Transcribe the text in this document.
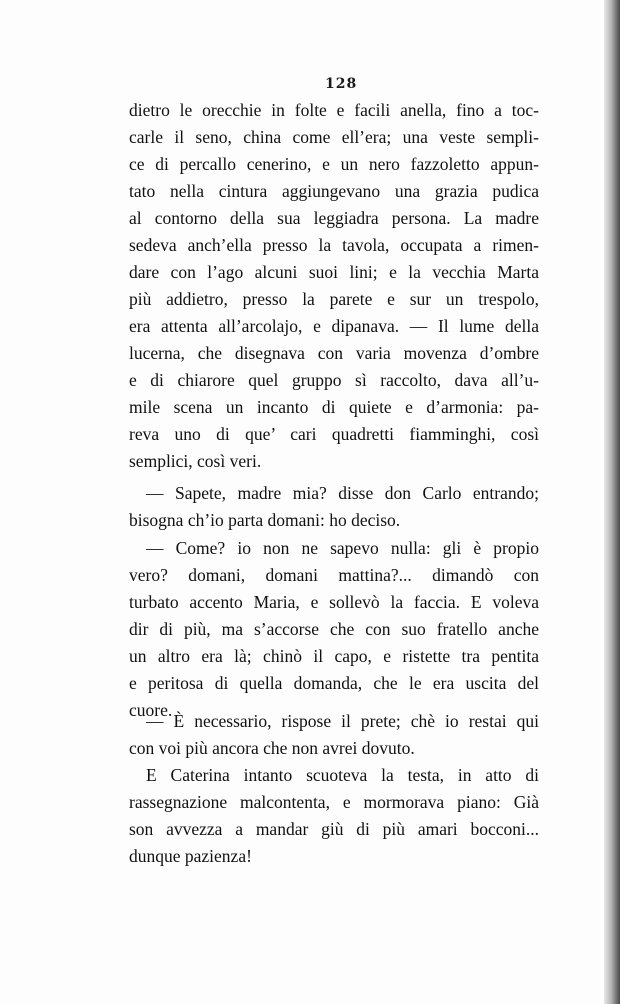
128
dietro le orecchie in folte e facili anella, fino a toc-
carle il seno, china come ell’era; una veste sempli-
ce di percallo cenerino, e un nero fazzoletto appun-
tato nella cintura aggiungevano una grazia pudica
al contorno della sua leggiadra persona. La madre
sedeva anch’ella presso la tavola, occupata a rimen-
dare con l’ago alcuni suoi lini; e la vecchia Marta
più addietro, presso la parete e sur un trespolo,
era attenta all’arcolajo, e dipanava. — Il lume della
lucerna, che disegnava con varia movenza d’ombre
e di chiarore quel gruppo sì raccolto, dava all’u-
mile scena un incanto di quiete e d’armonia: pa-
reva uno di que’ cari quadretti fiamminghi, così
semplici, così veri.
— Sapete, madre mia? disse don Carlo entrando;
bisogna ch’io parta domani: ho deciso.
— Come? io non ne sapevo nulla: gli è propio
vero? domani, domani mattina?... dimandò con
turbato accento Maria, e sollevò la faccia. E voleva
dir di più, ma s’accorse che con suo fratello anche
un altro era là; chinò il capo, e ristette tra pentita
e peritosa di quella domanda, che le era uscita del
cuore.
— È necessario, rispose il prete; chè io restai qui
con voi più ancora che non avrei dovuto.
E Caterina intanto scuoteva la testa, in atto di
rassegnazione malcontenta, e mormorava piano: Già
son avvezza a mandar giù di più amari bocconi...
dunque pazienza!
